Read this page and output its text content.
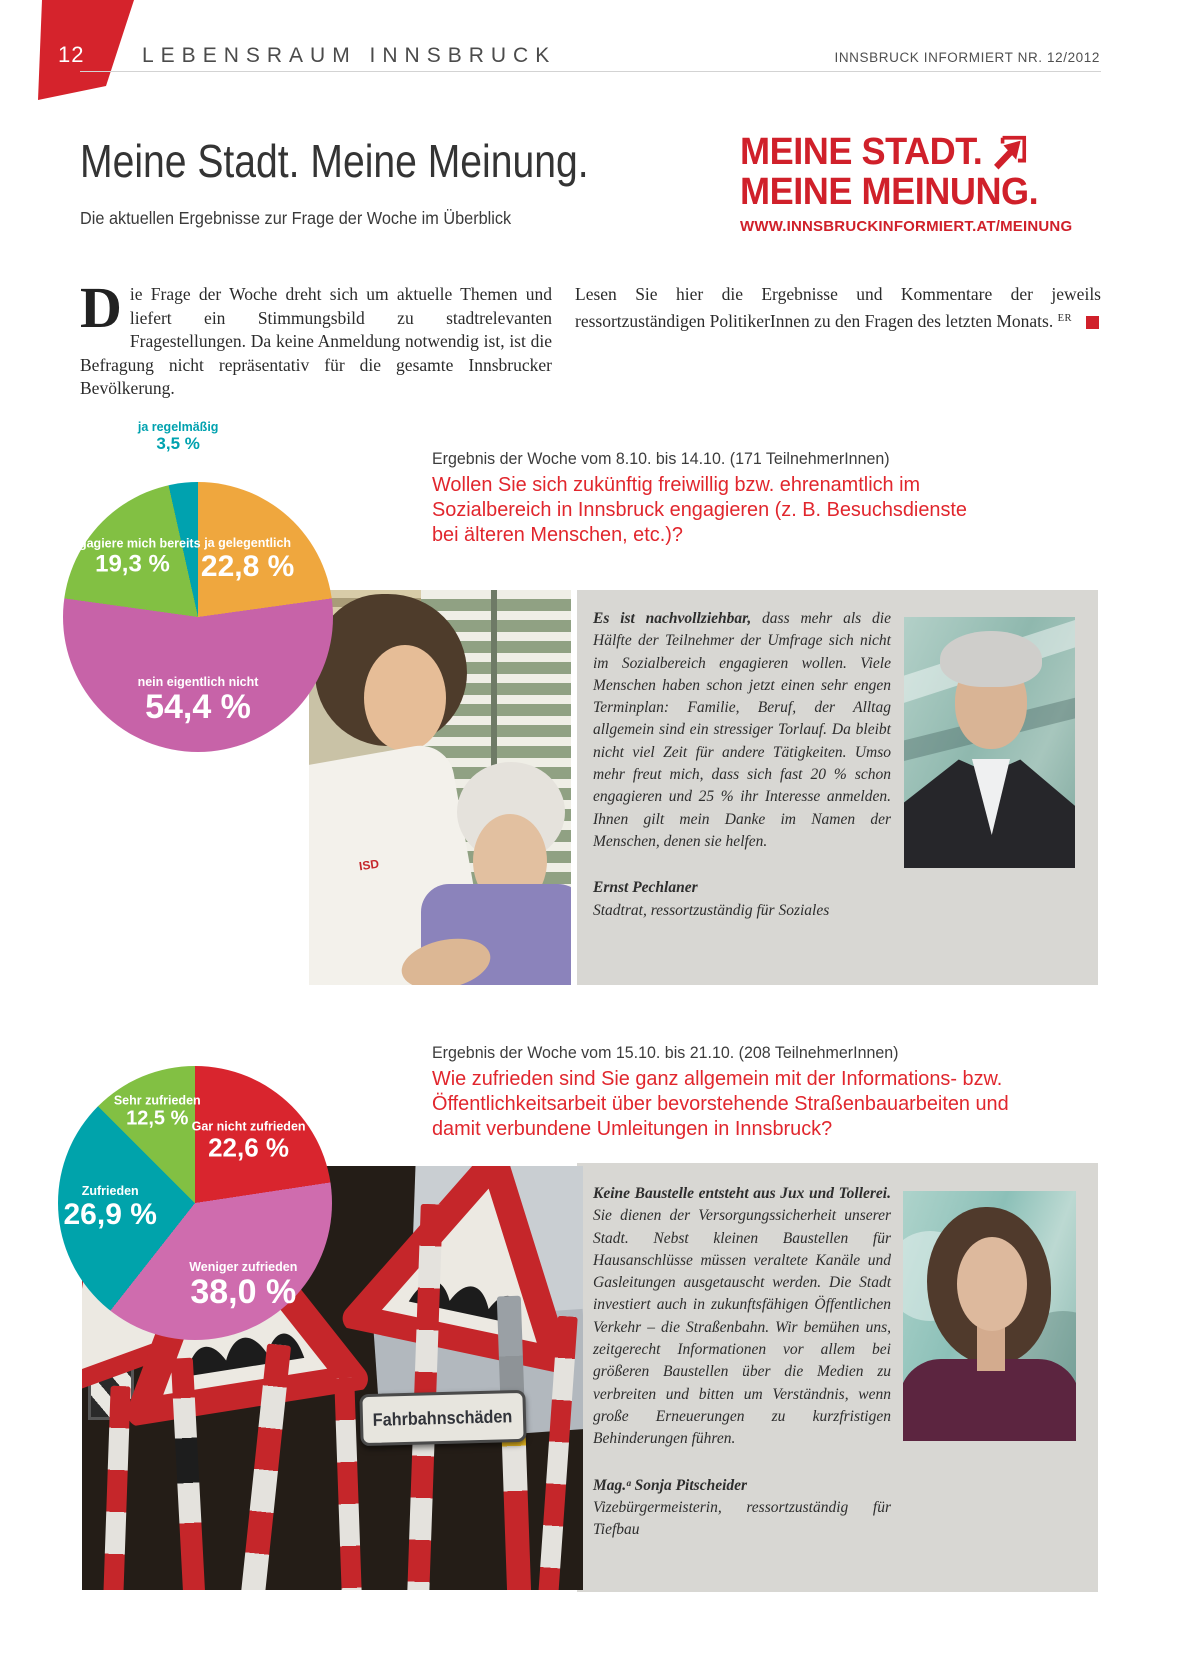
12	LEBENSRAUM INNSBRUCK	INNSBRUCK INFORMIERT NR. 12/2012
Meine Stadt. Meine Meinung.
Die aktuellen Ergebnisse zur Frage der Woche im Überblick
MEINE STADT.
MEINE MEINUNG.
WWW.INNSBRUCKINFORMIERT.AT/MEINUNG
Die Frage der Woche dreht sich um aktuelle Themen und liefert ein Stimmungsbild zu stadtrelevanten Fragestellungen. Da keine Anmeldung notwendig ist, ist die Befragung nicht repräsentativ für die gesamte Innsbrucker Bevölkerung.
Lesen Sie hier die Ergebnisse und Kommentare der jeweils ressortzuständigen PolitikerInnen zu den Fragen des letzten Monats. $^{ER}$

Ergebnis der Woche vom 8.10. bis 14.10. (171 TeilnehmerInnen)

Wollen Sie sich zukünftig freiwillig bzw. ehrenamtlich im Sozialbereich in Innsbruck engagieren (z. B. Besuchsdienste bei älteren Menschen, etc.)?

ja gelegentlich
22,8 %
nein eigentlich nicht
54,4 %
engagiere mich bereits
19,3 %
ja regelmäßig
3,5 %
ISD

Es ist nachvollziehbar, dass mehr als die Hälfte der Teilnehmer der Umfrage sich nicht im Sozialbereich engagieren wollen. Viele Menschen haben schon jetzt einen sehr engen Terminplan: Familie, Beruf, der Alltag allgemein sind ein stressiger Torlauf. Da bleibt nicht viel Zeit für andere Tätigkeiten. Umso mehr freut mich, dass sich fast 20 % schon engagieren und 25 % ihr Interesse anmelden. Ihnen gilt mein Danke im Namen der Menschen, denen sie helfen.

Ernst Pechlaner
Stadtrat, ressortzuständig für Soziales

Ergebnis der Woche vom 15.10. bis 21.10. (208 TeilnehmerInnen)

Wie zufrieden sind Sie ganz allgemein mit der Informations- bzw. Öffentlichkeitsarbeit über bevorstehende Straßenbauarbeiten und damit verbundene Umleitungen in Innsbruck?

Gar nicht zufrieden
22,6 %
Weniger zufrieden
38,0 %
Zufrieden
26,9 %
Sehr zufrieden
12,5 %
Fahrbahnschäden

Keine Baustelle entsteht aus Jux und Tollerei. Sie dienen der Versorgungssicherheit unserer Stadt. Nebst kleinen Baustellen für Hausanschlüsse müssen veraltete Kanäle und Gasleitungen ausgetauscht werden. Die Stadt investiert auch in zukunftsfähigen Öffentlichen Verkehr – die Straßenbahn. Wir bemühen uns, zeitgerecht Informationen vor allem bei größeren Baustellen über die Medien zu verbreiten und bitten um Verständnis, wenn große Erneuerungen zu kurzfristigen Behinderungen führen.

Mag.ᵃ Sonja Pitscheider
Vizebürgermeisterin, ressortzuständig für Tiefbau
